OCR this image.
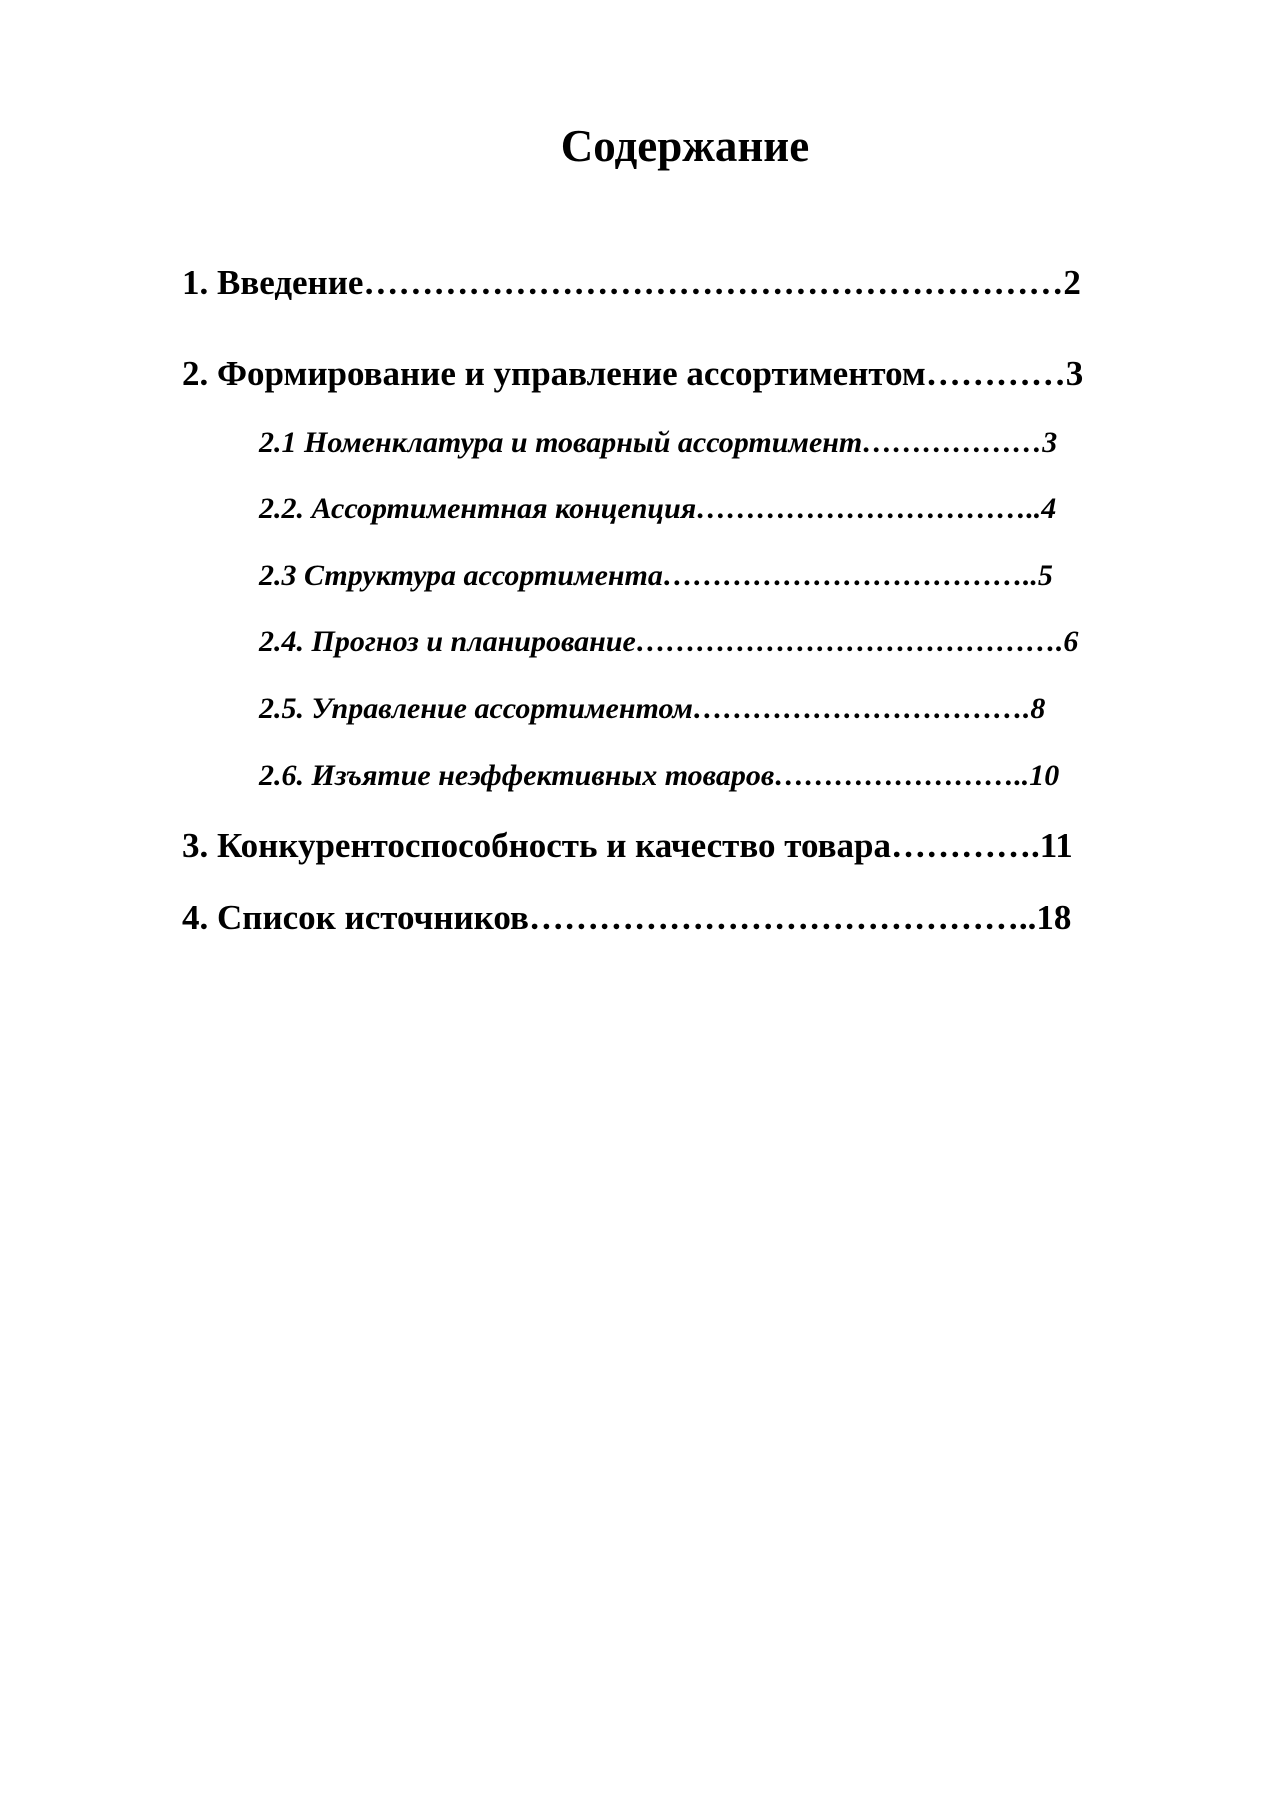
Содержание
1. Введение……………………………………………………2
2. Формирование и управление ассортиментом…………3
2.1 Номенклатура и товарный ассортимент………………3
2.2. Ассортиментная концепция……………………………..4
2.3 Структура ассортимента………………………………..5
2.4. Прогноз и планирование…………………………………….6
2.5. Управление ассортиментом…………………………….8
2.6. Изъятие неэффективных товаров……………………..10
3. Конкурентоспособность и качество товара………….11
4. Список источников……………………………………..18
